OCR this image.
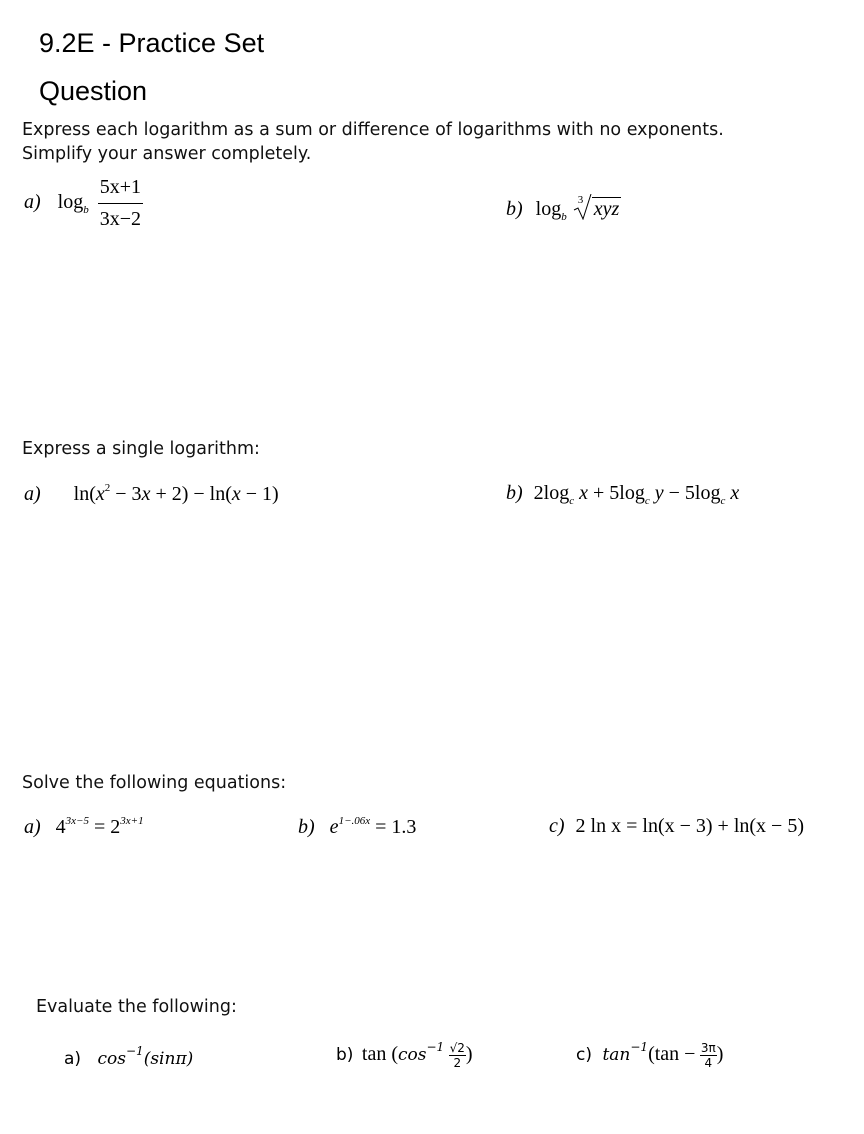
9.2E - Practice Set
Question
Express each logarithm as a sum or difference of logarithms with no exponents.
Simplify your answer completely.
a) $\log_b \frac{5x+1}{3x-2}$	b) $\log_b$
3 xyz
Express a single logarithm:
a) $\ln(x^2 - 3x + 2) - \ln(x - 1)$	b) $2\log_c$ $x + 5\log_c$ $y - 5\log_c$ x
Solve the following equations:
a) $4^{3x-5} = 2^{3x+1}$	b) $e^{1-.06x} = 1.3$	c) 2 ln x = ln(x − 3) + ln(x − 5)
Evaluate the following:
a) $\cos^{-1}(\sin\pi)$	b) $\tan (\cos^{-1} \frac{√2}{2}$ )	c) $\tan^{-1}(\tan - \frac{3\pi}{4}$ )
